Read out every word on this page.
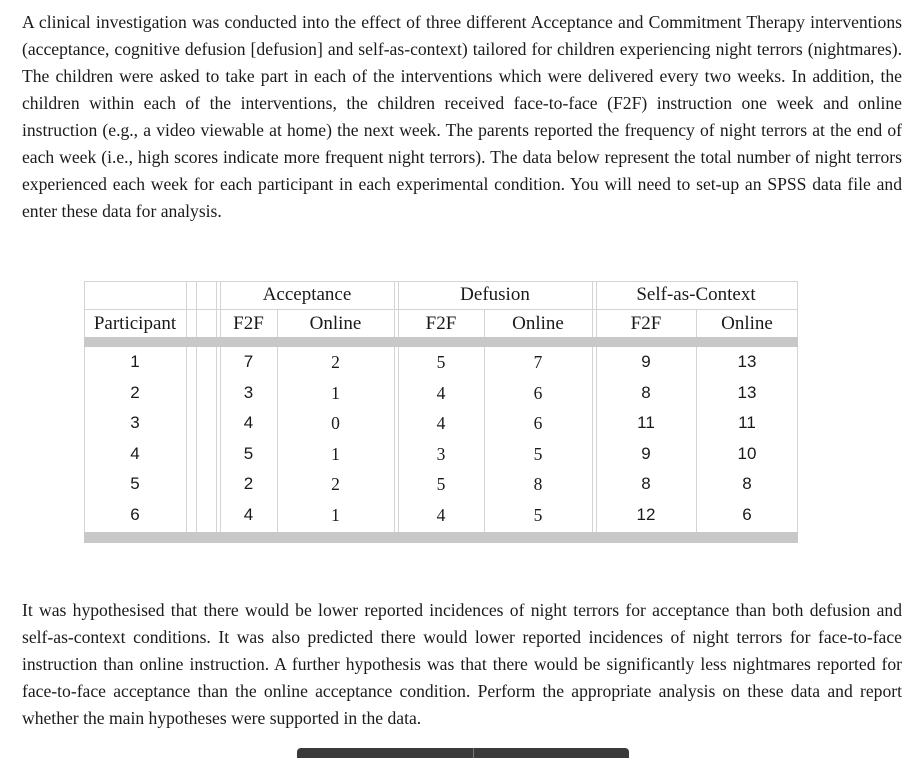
A clinical investigation was conducted into the effect of three different Acceptance and Commitment Therapy interventions (acceptance, cognitive defusion [defusion] and self-as-context) tailored for children experiencing night terrors (nightmares). The children were asked to take part in each of the interventions which were delivered every two weeks. In addition, the children within each of the interventions, the children received face-to-face (F2F) instruction one week and online instruction (e.g., a video viewable at home) the next week. The parents reported the frequency of night terrors at the end of each week (i.e., high scores indicate more frequent night terrors). The data below represent the total number of night terrors experienced each week for each participant in each experimental condition. You will need to set-up an SPSS data file and enter these data for analysis.

Acceptance	Defusion	Self-as-Context
Participant	F2F	Online	F2F	Online	F2F	Online
1	7	2	5	7	9	13
2	3	1	4	6	8	13
3	4	0	4	6	11	11
4	5	1	3	5	9	10
5	2	2	5	8	8	8
6	4	1	4	5	12	6

It was hypothesised that there would be lower reported incidences of night terrors for acceptance than both defusion and self-as-context conditions. It was also predicted there would lower reported incidences of night terrors for face-to-face instruction than online instruction. A further hypothesis was that there would be significantly less nightmares reported for face-to-face acceptance than the online acceptance condition. Perform the appropriate analysis on these data and report whether the main hypotheses were supported in the data.
